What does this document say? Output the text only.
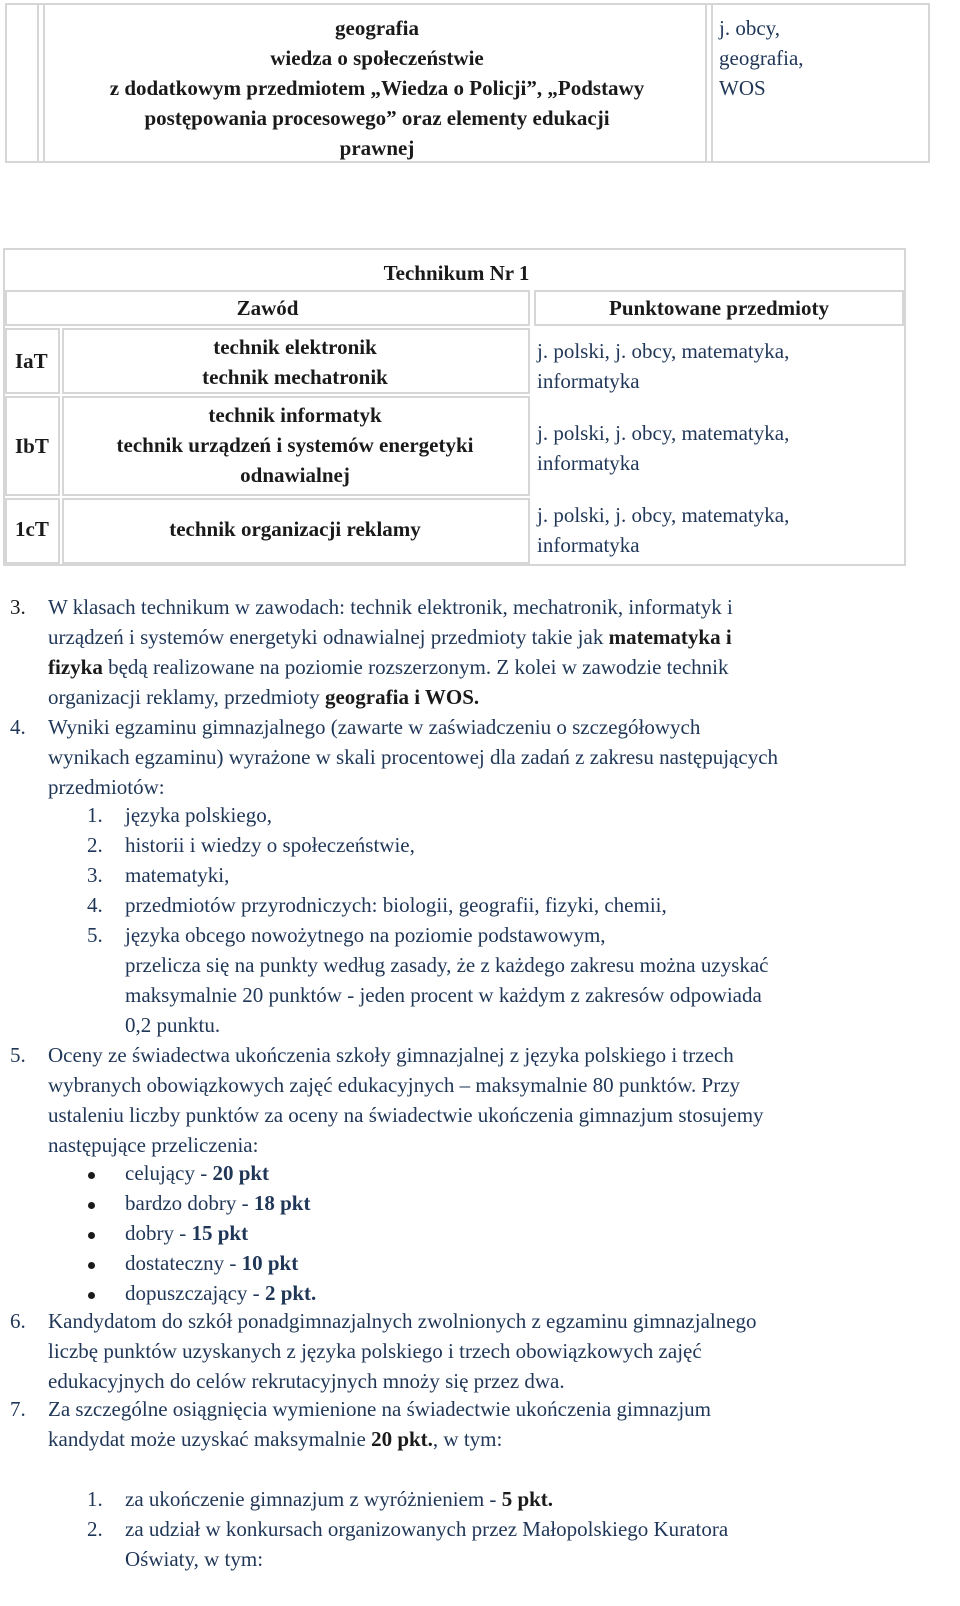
geografia
wiedza o społeczeństwie
z dodatkowym przedmiotem „Wiedza o Policji”, „Podstawy
postępowania procesowego” oraz elementy edukacji
prawnej
j. obcy,
geografia,
WOS
Technikum Nr 1
Zawód	Punktowane przedmioty
IaT
technik elektronik
technik mechatronik
j. polski, j. obcy, matematyka,
informatyka
IbT
technik informatyk
technik urządzeń i systemów energetyki
odnawialnej
j. polski, j. obcy, matematyka,
informatyka
1cT	technik organizacji reklamy
j. polski, j. obcy, matematyka,
informatyka
3. W klasach technikum w zawodach: technik elektronik, mechatronik, informatyk i
urządzeń i systemów energetyki odnawialnej przedmioty takie jak matematyka i
fizyka będą realizowane na poziomie rozszerzonym. Z kolei w zawodzie technik
organizacji reklamy, przedmioty geografia i WOS.
4. Wyniki egzaminu gimnazjalnego (zawarte w zaświadczeniu o szczegółowych
wynikach egzaminu) wyrażone w skali procentowej dla zadań z zakresu następujących
przedmiotów:
1. języka polskiego,
2. historii i wiedzy o społeczeństwie,
3. matematyki,
4. przedmiotów przyrodniczych: biologii, geografii, fizyki, chemii,
5. języka obcego nowożytnego na poziomie podstawowym,
przelicza się na punkty według zasady, że z każdego zakresu można uzyskać
maksymalnie 20 punktów - jeden procent w każdym z zakresów odpowiada
0,2 punktu.
5. Oceny ze świadectwa ukończenia szkoły gimnazjalnej z języka polskiego i trzech
wybranych obowiązkowych zajęć edukacyjnych – maksymalnie 80 punktów. Przy
ustaleniu liczby punktów za oceny na świadectwie ukończenia gimnazjum stosujemy
następujące przeliczenia:
celujący - 20 pkt
bardzo dobry - 18 pkt
dobry - 15 pkt
dostateczny - 10 pkt
dopuszczający - 2 pkt.
6. Kandydatom do szkół ponadgimnazjalnych zwolnionych z egzaminu gimnazjalnego
liczbę punktów uzyskanych z języka polskiego i trzech obowiązkowych zajęć
edukacyjnych do celów rekrutacyjnych mnoży się przez dwa.
7. Za szczególne osiągnięcia wymienione na świadectwie ukończenia gimnazjum
kandydat może uzyskać maksymalnie 20 pkt., w tym:
1. za ukończenie gimnazjum z wyróżnieniem - 5 pkt.
2. za udział w konkursach organizowanych przez Małopolskiego Kuratora
Oświaty, w tym:
